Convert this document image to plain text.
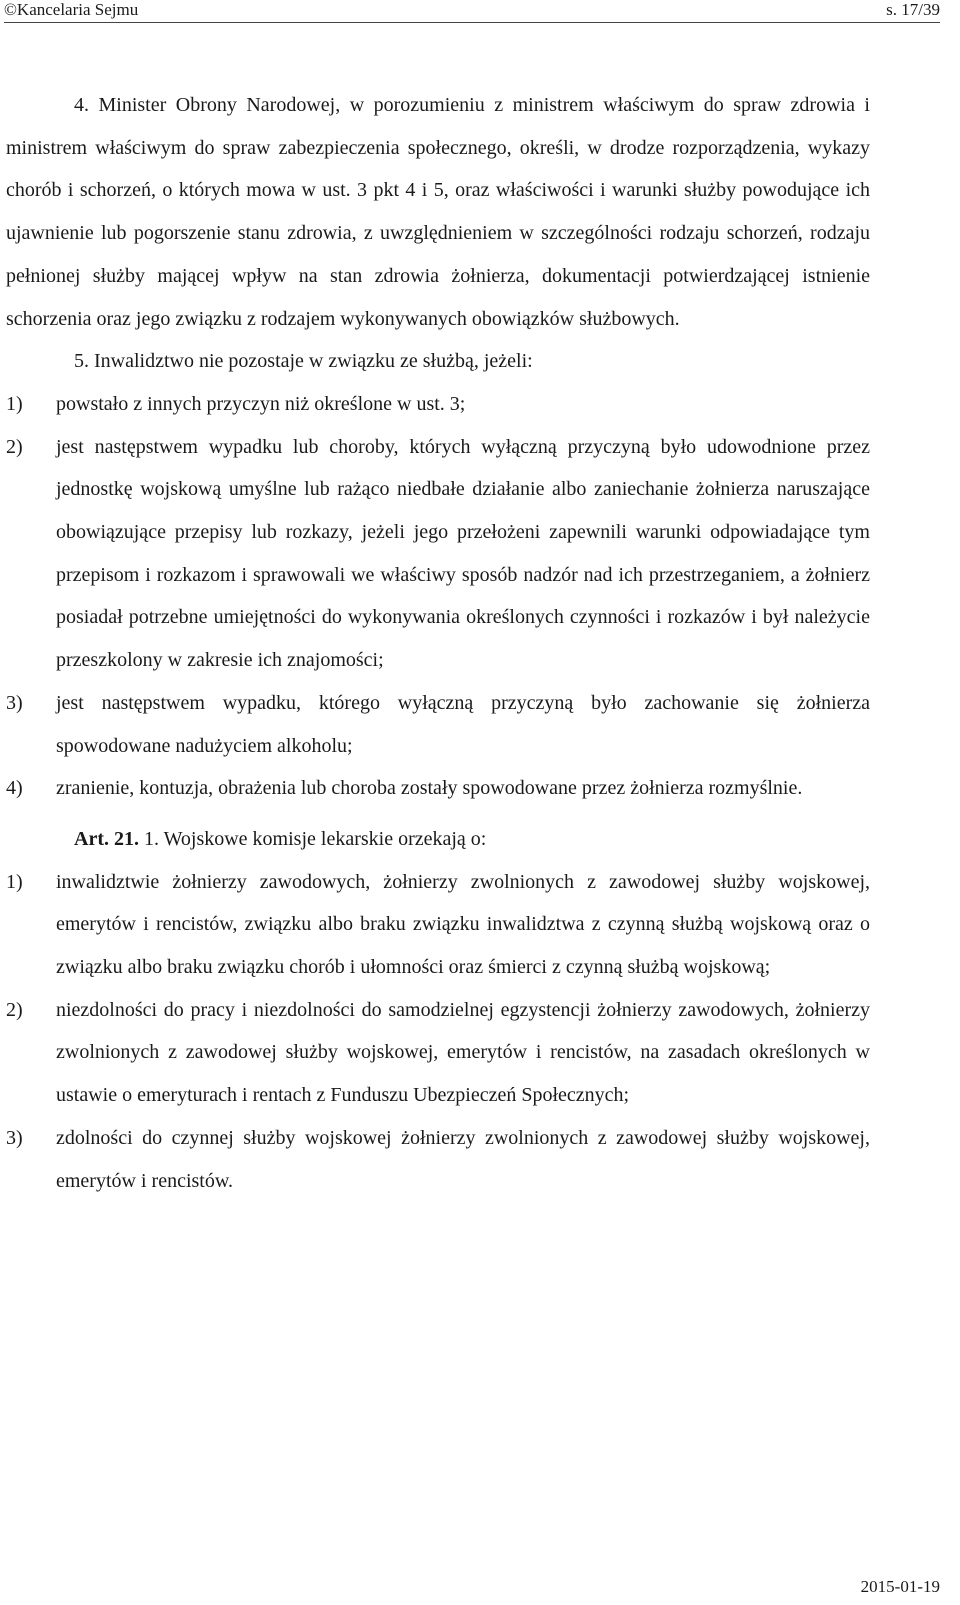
©Kancelaria Sejmu	s. 17/39

4. Minister Obrony Narodowej, w porozumieniu z ministrem właściwym do spraw zdrowia i ministrem właściwym do spraw zabezpieczenia społecznego, określi, w drodze rozporządzenia, wykazy chorób i schorzeń, o których mowa w ust. 3 pkt 4 i 5, oraz właściwości i warunki służby powodujące ich ujawnienie lub pogorszenie stanu zdrowia, z uwzględnieniem w szczególności rodzaju schorzeń, rodzaju pełnionej służby mającej wpływ na stan zdrowia żołnierza, dokumentacji potwierdzającej istnienie schorzenia oraz jego związku z rodzajem wykonywanych obowiązków służbowych.

5. Inwalidztwo nie pozostaje w związku ze służbą, jeżeli:

1) powstało z innych przyczyn niż określone w ust. 3;
2) jest następstwem wypadku lub choroby, których wyłączną przyczyną było udowodnione przez jednostkę wojskową umyślne lub rażąco niedbałe działanie albo zaniechanie żołnierza naruszające obowiązujące przepisy lub rozkazy, jeżeli jego przełożeni zapewnili warunki odpowiadające tym przepisom i rozkazom i sprawowali we właściwy sposób nadzór nad ich przestrzeganiem, a żołnierz posiadał potrzebne umiejętności do wykonywania określonych czynności i rozkazów i był należycie przeszkolony w zakresie ich znajomości;
3) jest następstwem wypadku, którego wyłączną przyczyną było zachowanie się żołnierza spowodowane nadużyciem alkoholu;
4) zranienie, kontuzja, obrażenia lub choroba zostały spowodowane przez żołnierza rozmyślnie.

Art. 21. 1. Wojskowe komisje lekarskie orzekają o:

1) inwalidztwie żołnierzy zawodowych, żołnierzy zwolnionych z zawodowej służby wojskowej, emerytów i rencistów, związku albo braku związku inwalidztwa z czynną służbą wojskową oraz o związku albo braku związku chorób i ułomności oraz śmierci z czynną służbą wojskową;
2) niezdolności do pracy i niezdolności do samodzielnej egzystencji żołnierzy zawodowych, żołnierzy zwolnionych z zawodowej służby wojskowej, emerytów i rencistów, na zasadach określonych w ustawie o emeryturach i rentach z Funduszu Ubezpieczeń Społecznych;
3) zdolności do czynnej służby wojskowej żołnierzy zwolnionych z zawodowej służby wojskowej, emerytów i rencistów.
2015-01-19
